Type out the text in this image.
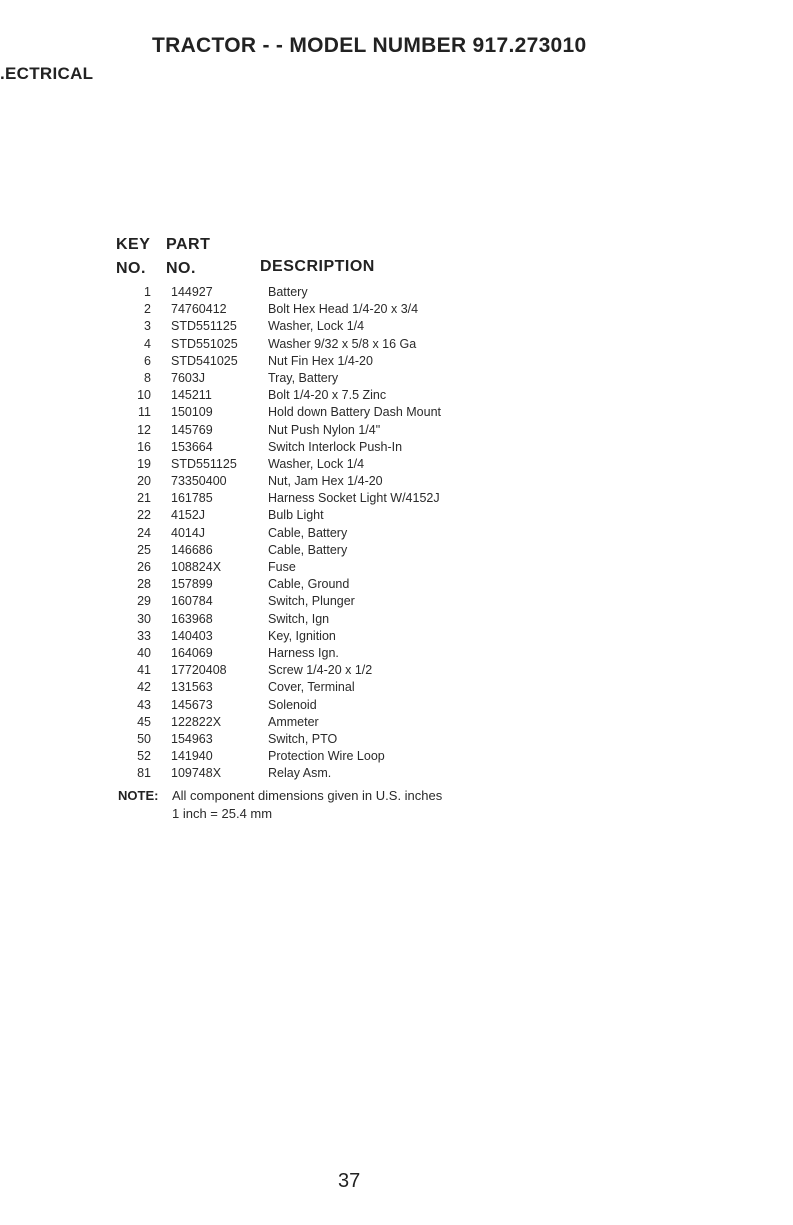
TRACTOR - - MODEL NUMBER 917.273010
.ECTRICAL
KEY
NO.
PART
NO.	DESCRIPTION
1 144927	Battery
2 74760412	Bolt Hex Head 1/4-20 x 3/4
3 STD551125 Washer, Lock 1/4
4 STD551025 Washer 9/32 x 5/8 x 16 Ga
6 STD541025 Nut Fin Hex 1/4-20
8 7603J	Tray, Battery
10 145211	Bolt 1/4-20 x 7.5 Zinc
11 150109	Hold down Battery Dash Mount
12 145769	Nut Push Nylon 1/4"
16 153664	Switch Interlock Push-In
19 STD551125 Washer, Lock 1/4
20 73350400	Nut, Jam Hex 1/4-20
21 161785	Harness Socket Light W/4152J
22 4152J	Bulb Light
24 4014J	Cable, Battery
25 146686	Cable, Battery
26 108824X	Fuse
28 157899	Cable, Ground
29 160784	Switch, Plunger
30 163968	Switch, Ign
33 140403	Key, Ignition
40 164069	Harness Ign.
41 17720408	Screw 1/4-20 x 1/2
42 131563	Cover, Terminal
43 145673	Solenoid
45 122822X	Ammeter
50 154963	Switch, PTO
52 141940	Protection Wire Loop
81 109748X	Relay Asm.
NOTE: All component dimensions given in U.S. inches
1 inch = 25.4 mm
37
